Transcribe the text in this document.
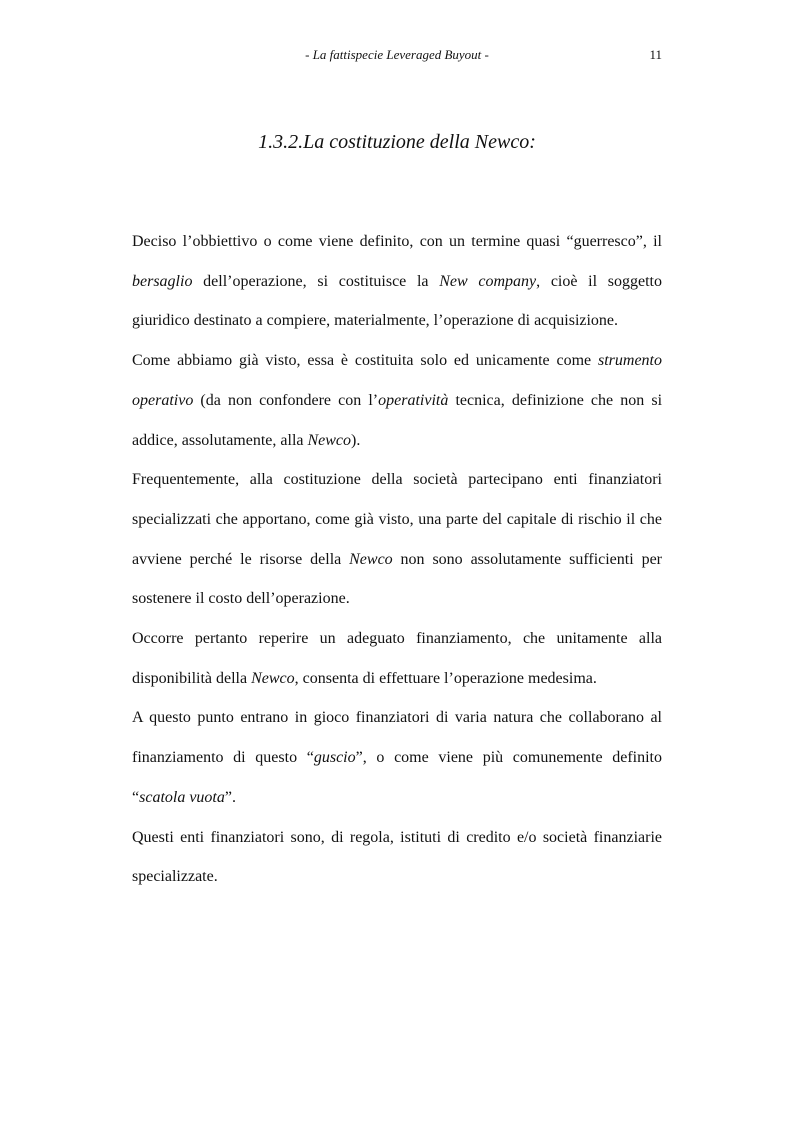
- La fattispecie Leveraged Buyout -	11
1.3.2.La costituzione della Newco:

Deciso l’obbiettivo o come viene definito, con un termine quasi “guerresco”, il bersaglio dell’operazione, si costituisce la New company, cioè il soggetto giuridico destinato a compiere, materialmente, l’operazione di acquisizione.

Come abbiamo già visto, essa è costituita solo ed unicamente come strumento operativo (da non confondere con l’operatività tecnica, definizione che non si addice, assolutamente, alla Newco).

Frequentemente, alla costituzione della società partecipano enti finanziatori specializzati che apportano, come già visto, una parte del capitale di rischio il che avviene perché le risorse della Newco non sono assolutamente sufficienti per sostenere il costo dell’operazione.

Occorre pertanto reperire un adeguato finanziamento, che unitamente alla disponibilità della Newco, consenta di effettuare l’operazione medesima.

A questo punto entrano in gioco finanziatori di varia natura che collaborano al finanziamento di questo “guscio”, o come viene più comunemente definito “scatola vuota”.

Questi enti finanziatori sono, di regola, istituti di credito e/o società finanziarie specializzate.
